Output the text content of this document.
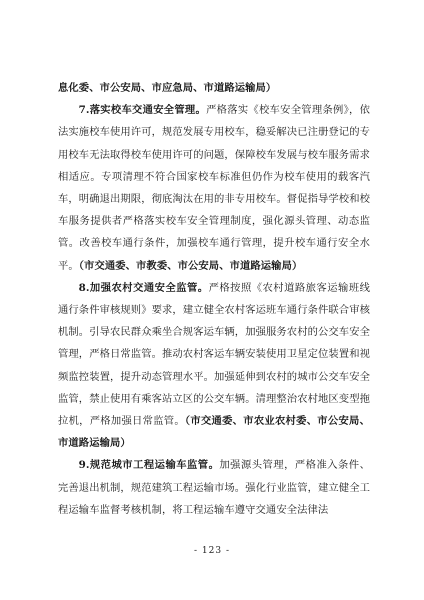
息化委、市公安局、市应急局、市道路运输局）

7.落实校车交通安全管理。严格落实《校车安全管理条例》，依法实施校车使用许可，规范发展专用校车，稳妥解决已注册登记的专用校车无法取得校车使用许可的问题，保障校车发展与校车服务需求相适应。专项清理不符合国家校车标准但仍作为校车使用的载客汽车，明确退出期限，彻底淘汰在用的非专用校车。督促指导学校和校车服务提供者严格落实校车安全管理制度，强化源头管理、动态监管。改善校车通行条件，加强校车通行管理，提升校车通行安全水平。（市交通委、市教委、市公安局、市道路运输局）

8.加强农村交通安全监管。严格按照《农村道路旅客运输班线通行条件审核规则》要求，建立健全农村客运班车通行条件联合审核机制。引导农民群众乘坐合规客运车辆，加强服务农村的公交车安全管理，严格日常监管。推动农村客运车辆安装使用卫星定位装置和视频监控装置，提升动态管理水平。加强延伸到农村的城市公交车安全监管，禁止使用有乘客站立区的公交车辆。清理整治农村地区变型拖拉机，严格加强日常监管。（市交通委、市农业农村委、市公安局、市道路运输局）

9.规范城市工程运输车监管。加强源头管理，严格准入条件、完善退出机制，规范建筑工程运输市场。强化行业监管，建立健全工程运输车监督考核机制，将工程运输车遵守交通安全法律法

- 123 -
